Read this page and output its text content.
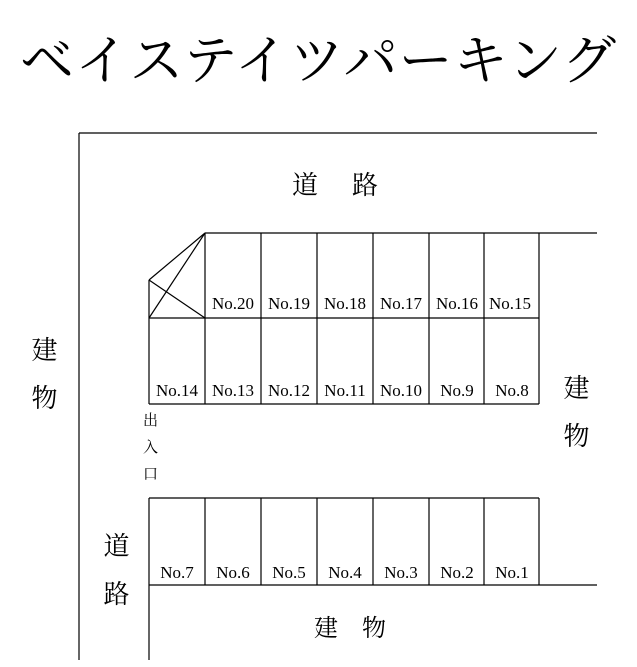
ベイステイツパーキング
道　路
建物	建物
道路
出入口
建　物
No.20 No.19 No.18 No.17 No.16 No.15
No.14 No.13 No.12 No.11 No.10	No.9	No.8
No.7	No.6	No.5	No.4	No.3	No.2	No.1
